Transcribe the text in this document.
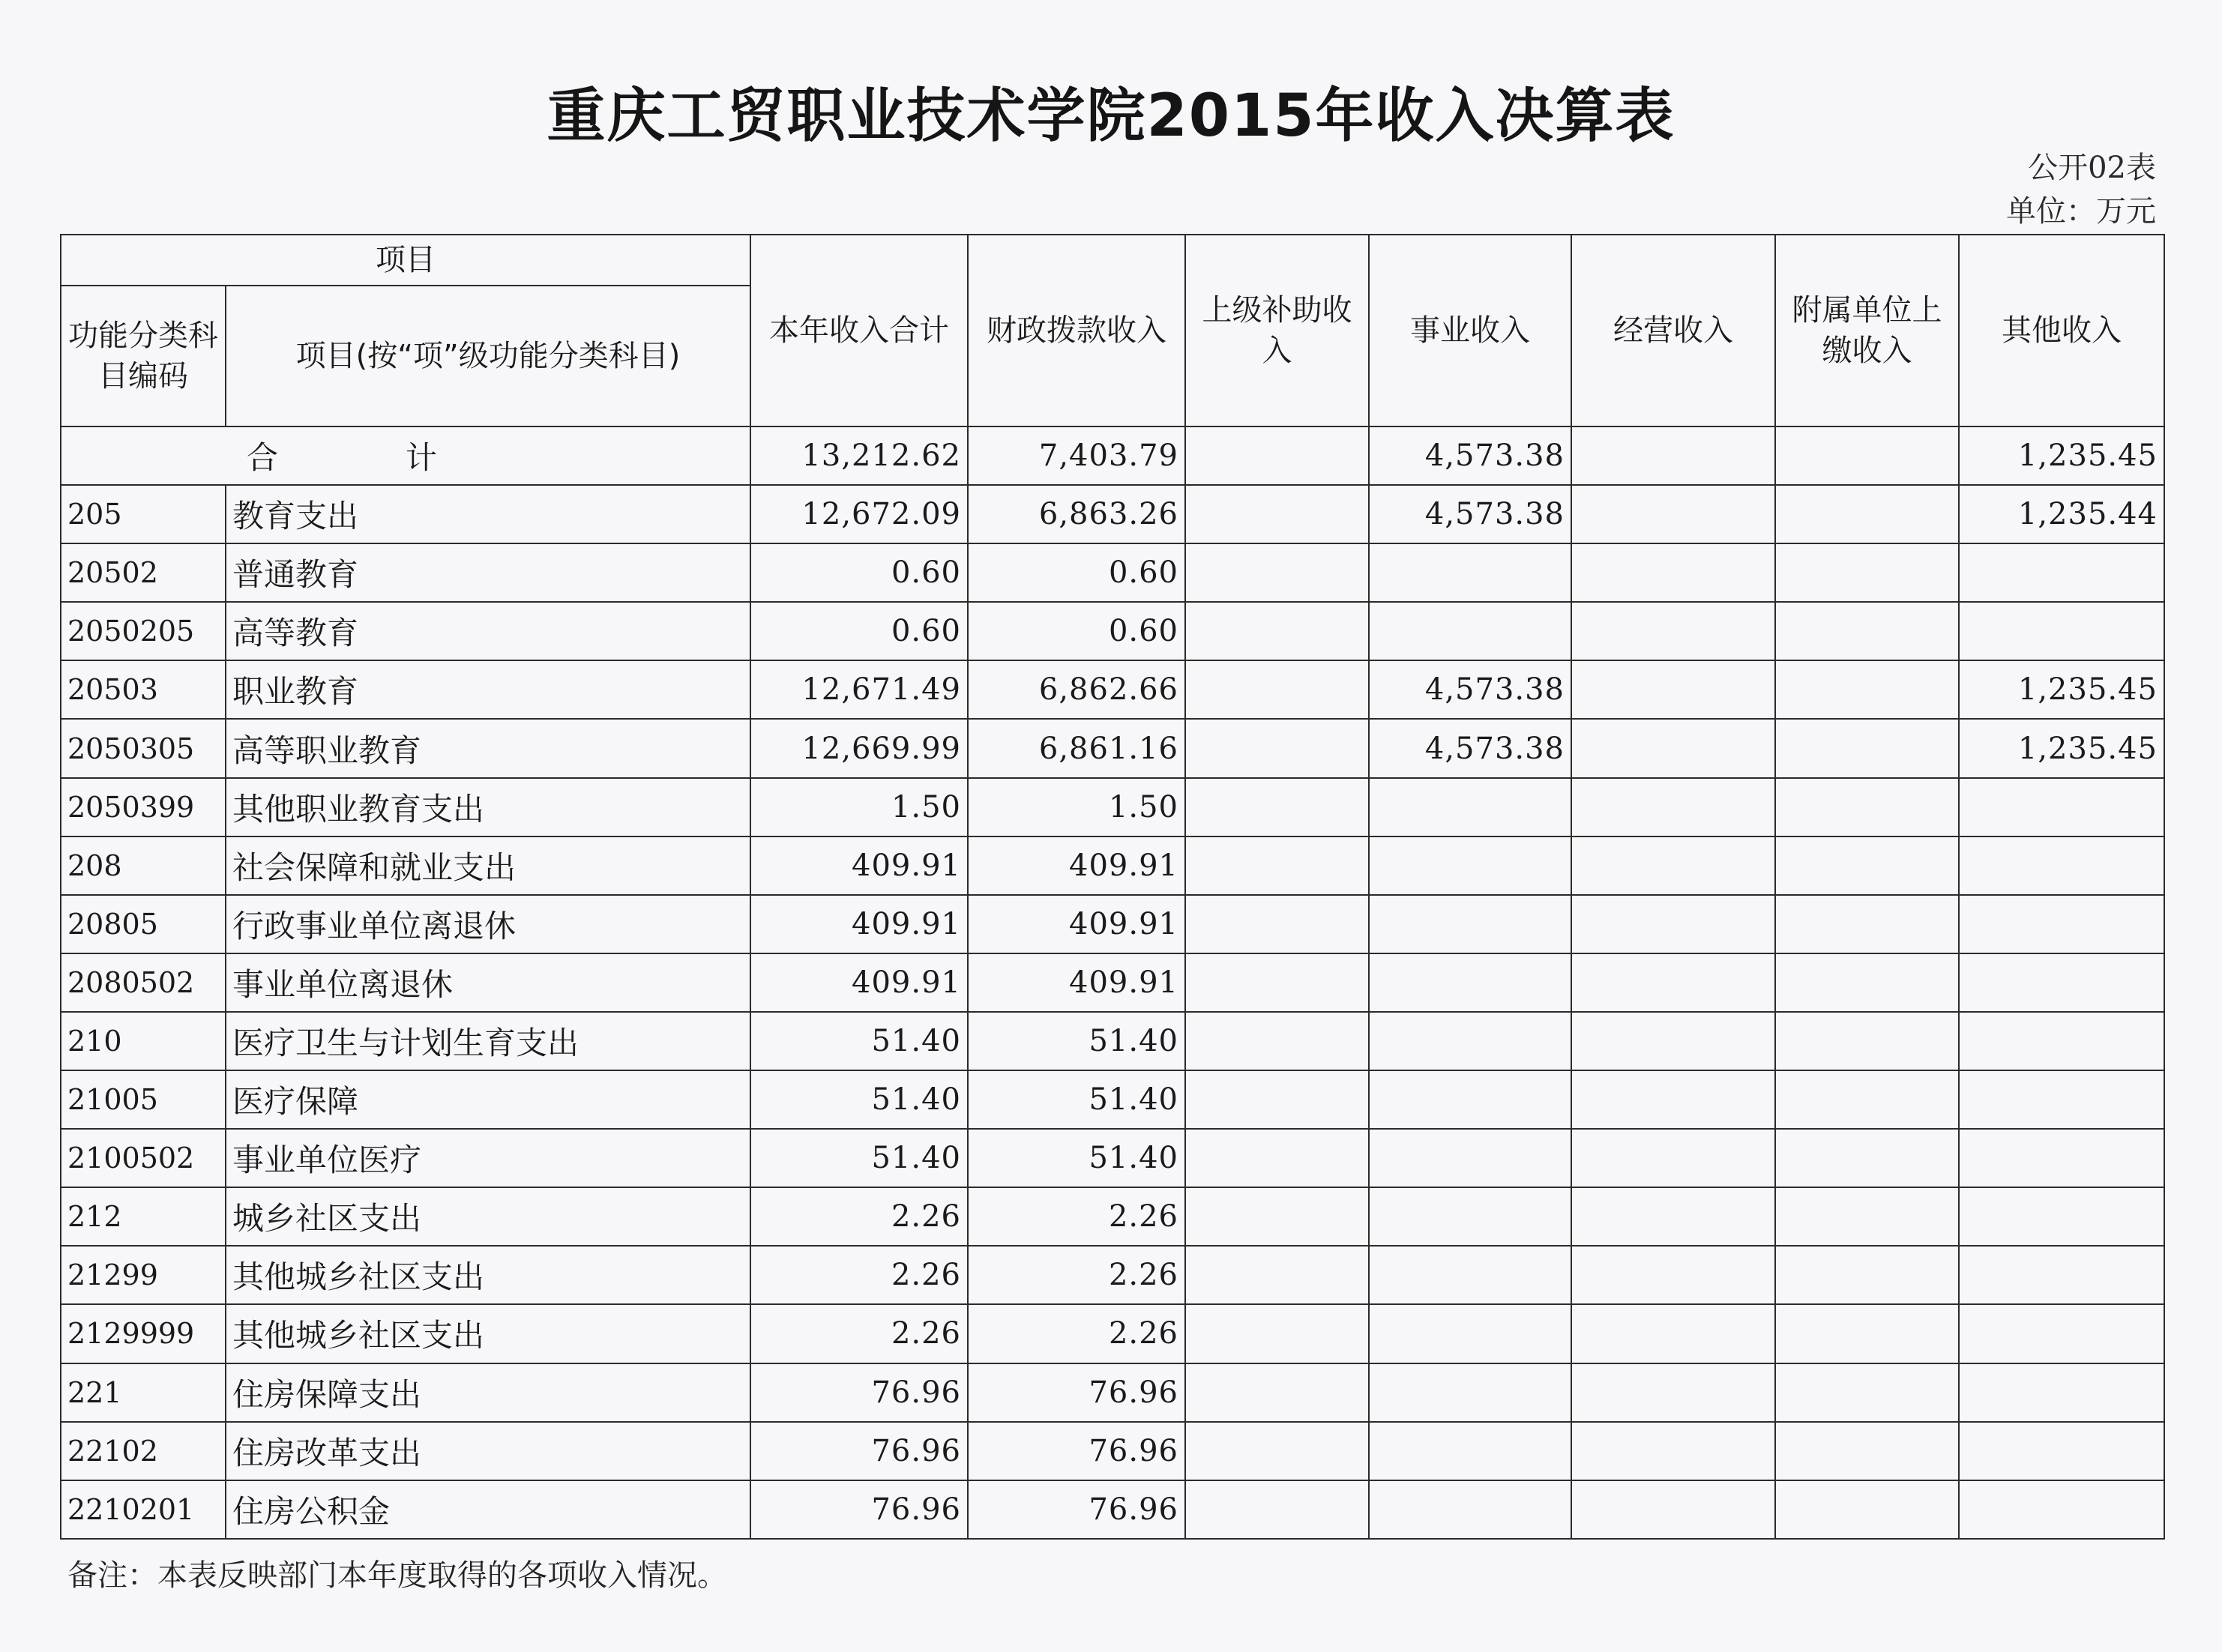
重庆工贸职业技术学院2015年收入决算表
公开02表
单位：万元
项目		本年收入合计	财政拨款收入	上级补助收入	事业收入	经营收入	附属单位上缴收入	其他收入
功能分类科目编码	项目(按“项”级功能分类科目)							
合计		13,212.62	7,403.79		4,573.38			1,235.45
205	教育支出	12,672.09	6,863.26		4,573.38			1,235.44
20502	普通教育	0.60	0.60					
2050205	高等教育	0.60	0.60					
20503	职业教育	12,671.49	6,862.66		4,573.38			1,235.45
2050305	高等职业教育	12,669.99	6,861.16		4,573.38			1,235.45
2050399	其他职业教育支出	1.50	1.50					
208	社会保障和就业支出	409.91	409.91					
20805	行政事业单位离退休	409.91	409.91					
2080502	事业单位离退休	409.91	409.91					
210	医疗卫生与计划生育支出	51.40	51.40					
21005	医疗保障	51.40	51.40					
2100502	事业单位医疗	51.40	51.40					
212	城乡社区支出	2.26	2.26					
21299	其他城乡社区支出	2.26	2.26					
2129999	其他城乡社区支出	2.26	2.26					
221	住房保障支出	76.96	76.96					
22102	住房改革支出	76.96	76.96					
2210201	住房公积金	76.96	76.96					
备注：本表反映部门本年度取得的各项收入情况。
